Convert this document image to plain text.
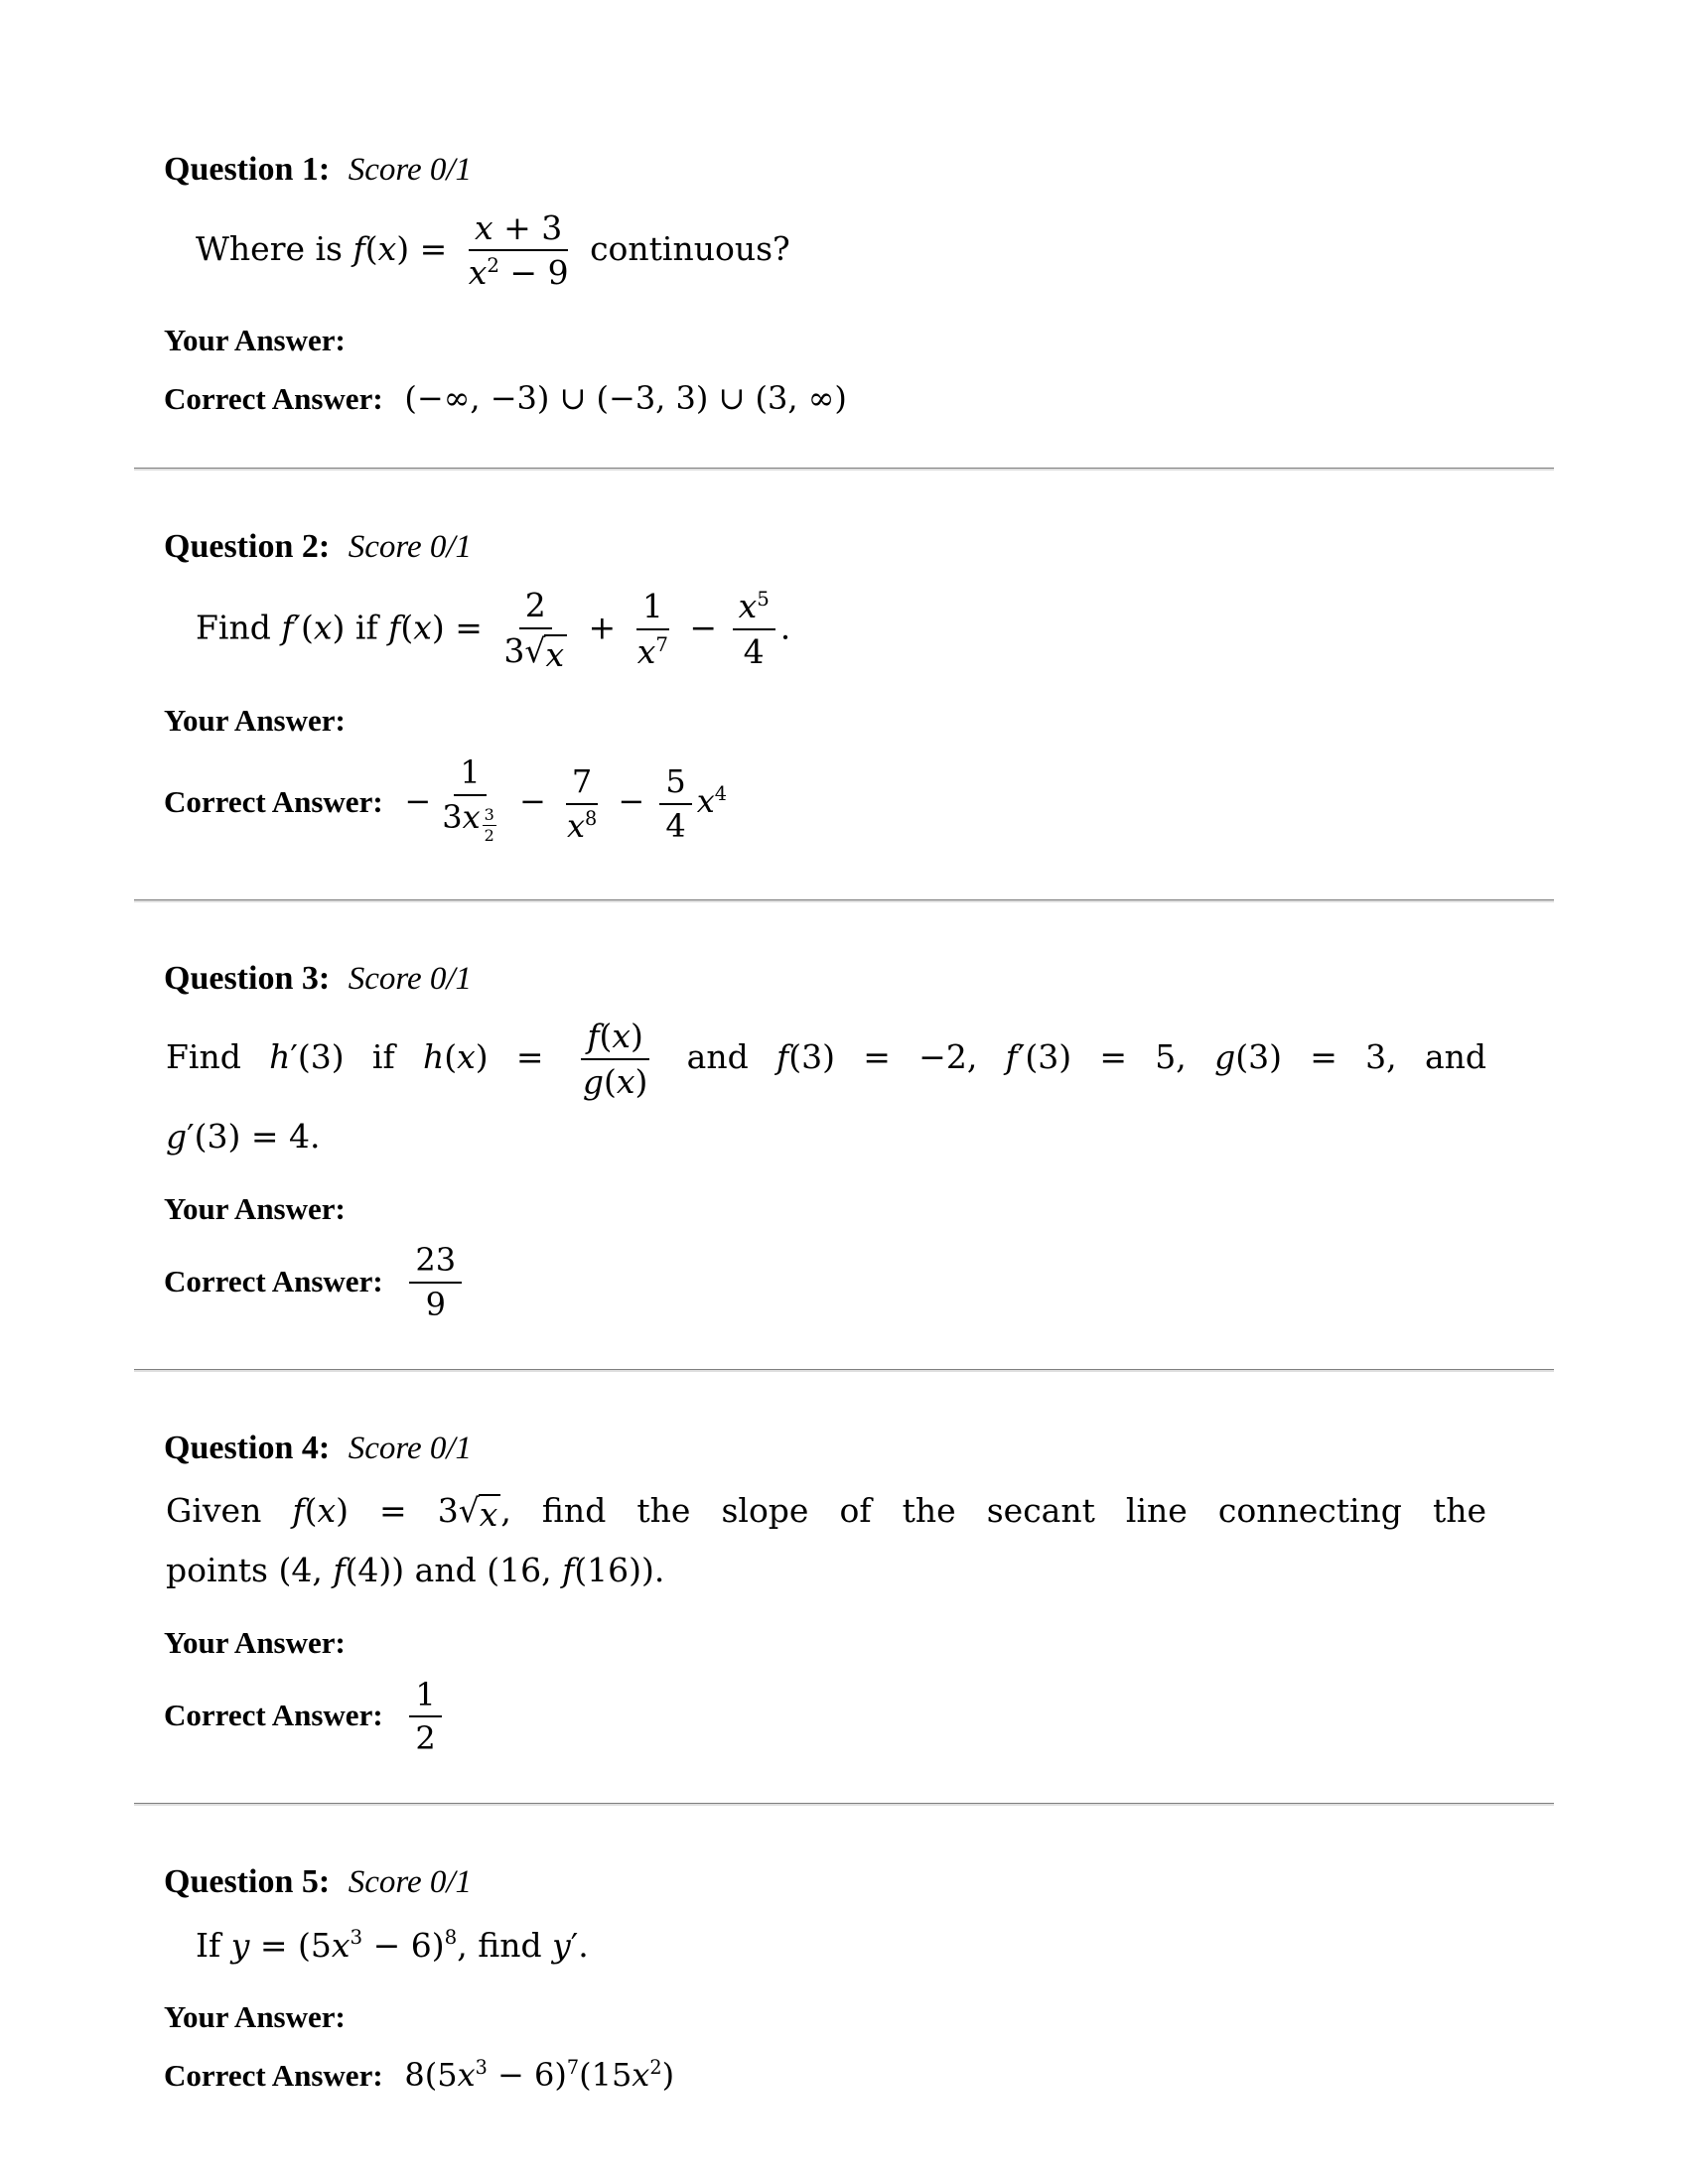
Question 1: Score 0/1
Where is $f(x) = \frac{x + 3}{x^2 - 9}$ continuous?
Your Answer:
Correct Answer: (−∞, −3) ∪ (−3, 3) ∪ (3, ∞)
Question 2: Score 0/1
Find f′(x) if $f(x) = \frac{2}{3 √ x} + \frac{1}{x^7} - \frac{x^5}{4}$ .
Your Answer:
Correct Answer: − $\frac{1}{3x \frac{3}{2}} - \frac{7}{x^8} - \frac{5}{4} x^4$
Question 3: Score 0/1
Find h′(3) if $h(x) = \frac{f(x)}{g(x)}$ and f(3) = −2, f′(3) = 5, g(3) = 3, and
g′(3) = 4.
Your Answer:
Correct Answer: $\frac{23}{9}$
Question 4: Score 0/1
Given f(x) = 3 √ x , find the slope of the secant line connecting the
points (4, f(4)) and (16, f(16)).
Your Answer:
Correct Answer: $\frac{1}{2}$
Question 5: Score 0/1
If $y = (5x^3 - 6)^8$, find y′.
Your Answer:
Correct Answer: $8(5x^3 - 6)^7(15x^2)$
